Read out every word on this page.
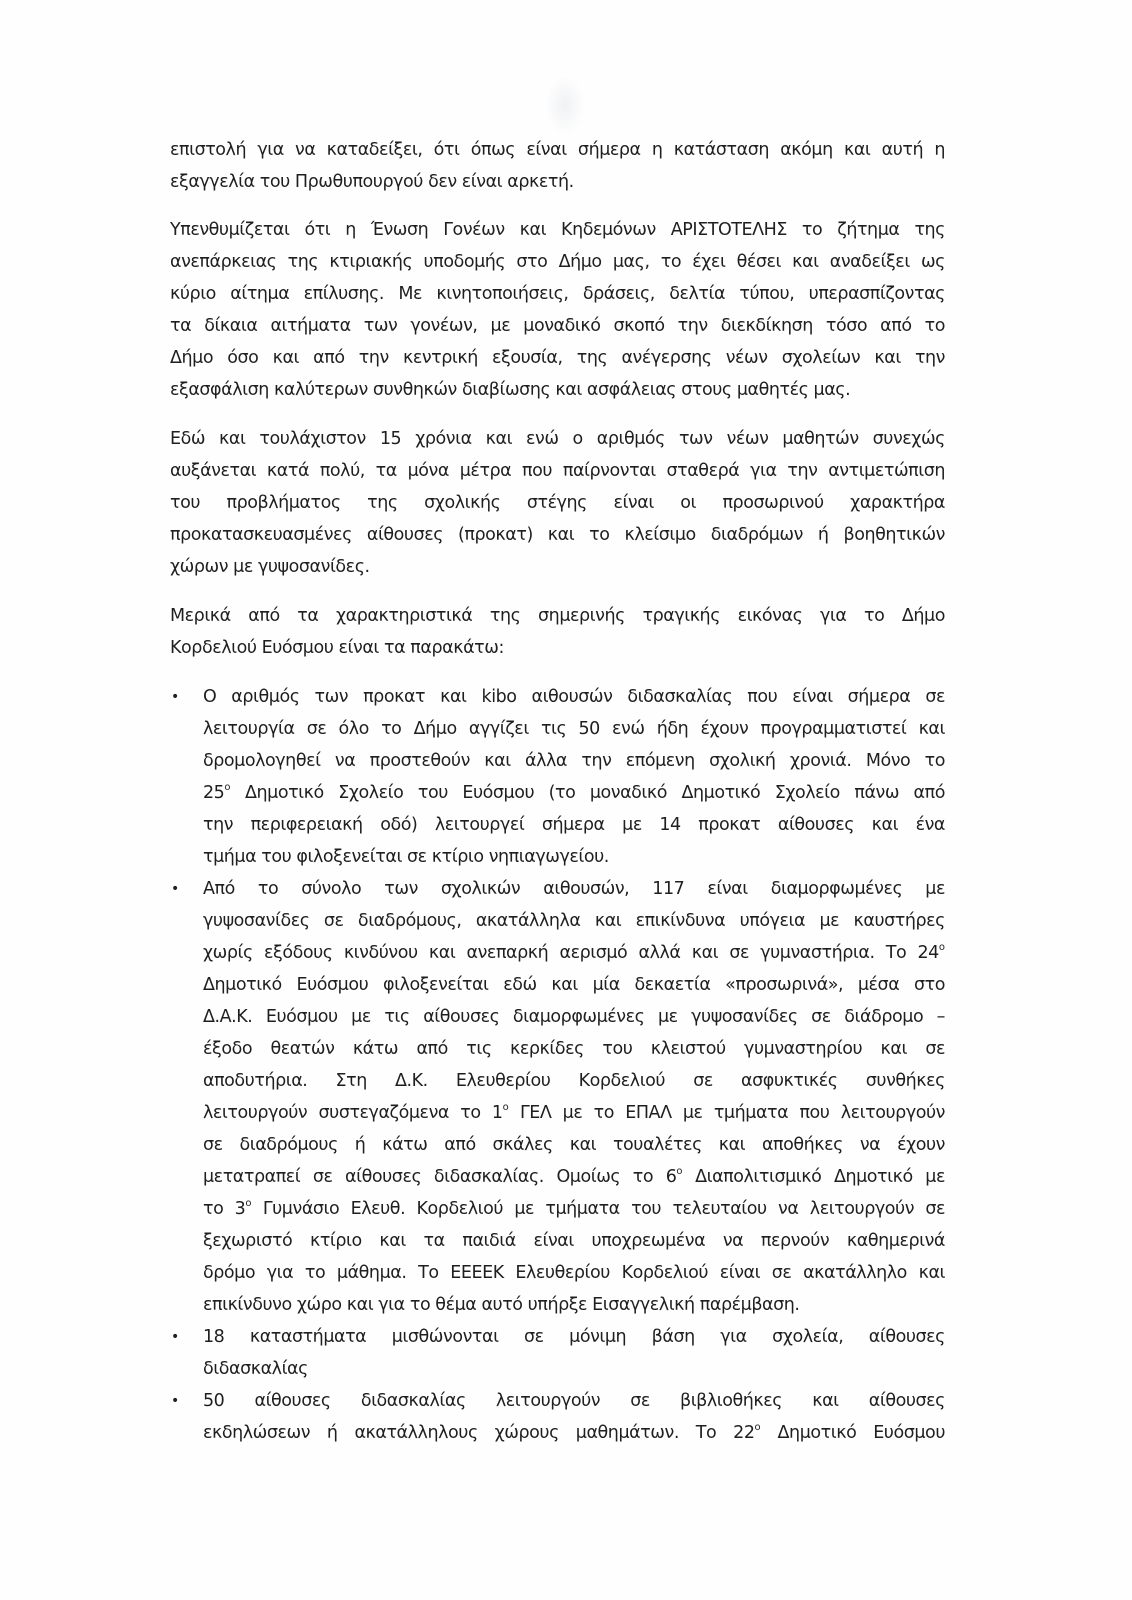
επιστολή για να καταδείξει, ότι όπως είναι σήμερα η κατάσταση ακόμη και αυτή η
εξαγγελία του Πρωθυπουργού δεν είναι αρκετή.
Υπενθυμίζεται ότι η Ένωση Γονέων και Κηδεμόνων ΑΡΙΣΤΟΤΕΛΗΣ το ζήτημα της
ανεπάρκειας της κτιριακής υποδομής στο Δήμο μας, το έχει θέσει και αναδείξει ως
κύριο αίτημα επίλυσης. Με κινητοποιήσεις, δράσεις, δελτία τύπου, υπερασπίζοντας
τα δίκαια αιτήματα των γονέων, με μοναδικό σκοπό την διεκδίκηση τόσο από το
Δήμο όσο και από την κεντρική εξουσία, της ανέγερσης νέων σχολείων και την
εξασφάλιση καλύτερων συνθηκών διαβίωσης και ασφάλειας στους μαθητές μας.
Εδώ και τουλάχιστον 15 χρόνια και ενώ ο αριθμός των νέων μαθητών συνεχώς
αυξάνεται κατά πολύ, τα μόνα μέτρα που παίρνονται σταθερά για την αντιμετώπιση
του προβλήματος της σχολικής στέγης είναι οι προσωρινού χαρακτήρα
προκατασκευασμένες αίθουσες (προκατ) και το κλείσιμο διαδρόμων ή βοηθητικών
χώρων με γυψοσανίδες.
Μερικά από τα χαρακτηριστικά της σημερινής τραγικής εικόνας για το Δήμο
Κορδελιού Ευόσμου είναι τα παρακάτω:
• Ο αριθμός των προκατ και kibo αιθουσών διδασκαλίας που είναι σήμερα σε
λειτουργία σε όλο το Δήμο αγγίζει τις 50 ενώ ήδη έχουν προγραμματιστεί και
δρομολογηθεί να προστεθούν και άλλα την επόμενη σχολική χρονιά. Μόνο το
$25^o$ Δημοτικό Σχολείο του Ευόσμου (το μοναδικό Δημοτικό Σχολείο πάνω από
την περιφερειακή οδό) λειτουργεί σήμερα με 14 προκατ αίθουσες και ένα
τμήμα του φιλοξενείται σε κτίριο νηπιαγωγείου.
• Από το σύνολο των σχολικών αιθουσών, 117 είναι διαμορφωμένες με
γυψοσανίδες σε διαδρόμους, ακατάλληλα και επικίνδυνα υπόγεια με καυστήρες
χωρίς εξόδους κινδύνου και ανεπαρκή αερισμό αλλά και σε γυμναστήρια. Το $24^o$
Δημοτικό Ευόσμου φιλοξενείται εδώ και μία δεκαετία «προσωρινά», μέσα στο
Δ.Α.Κ. Ευόσμου με τις αίθουσες διαμορφωμένες με γυψοσανίδες σε διάδρομο –
έξοδο θεατών κάτω από τις κερκίδες του κλειστού γυμναστηρίου και σε
αποδυτήρια. Στη Δ.Κ. Ελευθερίου Κορδελιού σε ασφυκτικές συνθήκες
λειτουργούν συστεγαζόμενα το $1^o$ ΓΕΛ με το ΕΠΑΛ με τμήματα που λειτουργούν
σε διαδρόμους ή κάτω από σκάλες και τουαλέτες και αποθήκες να έχουν
μετατραπεί σε αίθουσες διδασκαλίας. Ομοίως το $6^o$ Διαπολιτισμικό Δημοτικό με
το $3^o$ Γυμνάσιο Ελευθ. Κορδελιού με τμήματα του τελευταίου να λειτουργούν σε
ξεχωριστό κτίριο και τα παιδιά είναι υποχρεωμένα να περνούν καθημερινά
δρόμο για το μάθημα. Το ΕΕΕΕΚ Ελευθερίου Κορδελιού είναι σε ακατάλληλο και
επικίνδυνο χώρο και για το θέμα αυτό υπήρξε Εισαγγελική παρέμβαση.
• 18 καταστήματα μισθώνονται σε μόνιμη βάση για σχολεία, αίθουσες
διδασκαλίας
• 50 αίθουσες διδασκαλίας λειτουργούν σε βιβλιοθήκες και αίθουσες
εκδηλώσεων ή ακατάλληλους χώρους μαθημάτων. Το $22^o$ Δημοτικό Ευόσμου
